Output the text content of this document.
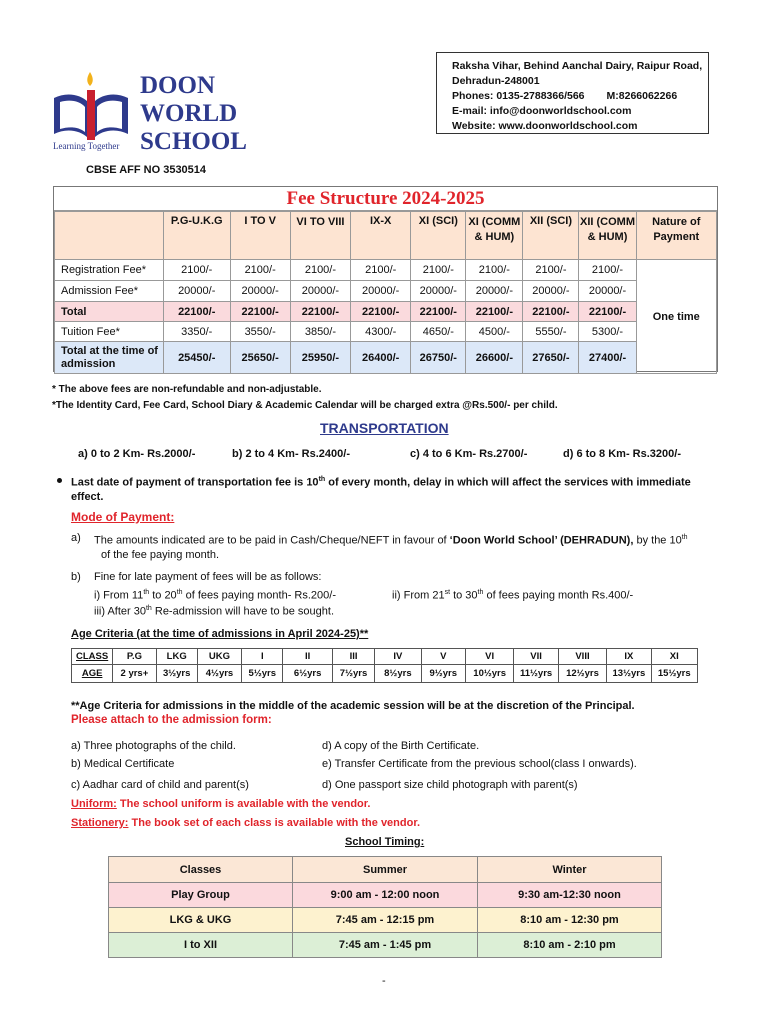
Learning Together
DOON
WORLD
SCHOOL
CBSE AFF NO 3530514
Raksha Vihar, Behind Aanchal Dairy, Raipur Road,
Dehradun-248001
Phones: 0135-2788366/566 M:8266062266
E-mail: info@doonworldschool.com
Website: www.doonworldschool.com
Fee Structure 2024-2025
	P.G-U.K.G	I TO V	VI TO VIII	IX-X	XI (SCI)	XI (COMM & HUM)	XII (SCI)	XII (COMM & HUM)	Nature of Payment
Registration Fee*	2100/-	2100/-	2100/-	2100/-	2100/-	2100/-	2100/-	2100/-	One time
Admission Fee*	20000/-	20000/-	20000/-	20000/-	20000/-	20000/-	20000/-	20000/-	
Total	22100/-	22100/-	22100/-	22100/-	22100/-	22100/-	22100/-	22100/-	
Tuition Fee*	3350/-	3550/-	3850/-	4300/-	4650/-	4500/-	5550/-	5300/-	
Total at the time of admission	25450/-	25650/-	25950/-	26400/-	26750/-	26600/-	27650/-	27400/-	
* The above fees are non-refundable and non-adjustable.
*The Identity Card, Fee Card, School Diary & Academic Calendar will be charged extra @Rs.500/- per child.
TRANSPORTATION
a) 0 to 2 Km- Rs.2000/-	b) 2 to 4 Km- Rs.2400/-	c) 4 to 6 Km- Rs.2700/-	d) 6 to 8 Km- Rs.3200/-
Last date of payment of transportation fee is 10th of every month, delay in which will affect the services with immediate
effect.
Mode of Payment:
a) The amounts indicated are to be paid in Cash/Cheque/NEFT in favour of ‘Doon World School’ (DEHRADUN), by the 10th
of the fee paying month.
b) Fine for late payment of fees will be as follows:
i) From 11th to 20th of fees paying month- Rs.200/-	ii) From 21st to 30th of fees paying month Rs.400/-
iii) After 30th Re-admission will have to be sought.
Age Criteria (at the time of admissions in April 2024-25)**
CLASS	P.G	LKG	UKG	I	II	III	IV	V	VI	VII	VIII	IX	XI
AGE	2 yrs+	3½yrs	4½yrs	5½yrs	6½yrs	7½yrs	8½yrs	9½yrs	10½yrs	11½yrs	12½yrs	13½yrs	15½yrs
**Age Criteria for admissions in the middle of the academic session will be at the discretion of the Principal.
Please attach to the admission form:
a) Three photographs of the child.
b) Medical Certificate
c) Aadhar card of child and parent(s)
d) A copy of the Birth Certificate.
e) Transfer Certificate from the previous school(class I onwards).
d) One passport size child photograph with parent(s)
Uniform: The school uniform is available with the vendor.
Stationery: The book set of each class is available with the vendor.
School Timing:
Classes	Summer	Winter
Play Group	9:00 am - 12:00 noon	9:30 am-12:30 noon
LKG & UKG	7:45 am - 12:15 pm	8:10 am - 12:30 pm
I to XII	7:45 am - 1:45 pm	8:10 am - 2:10 pm
-
